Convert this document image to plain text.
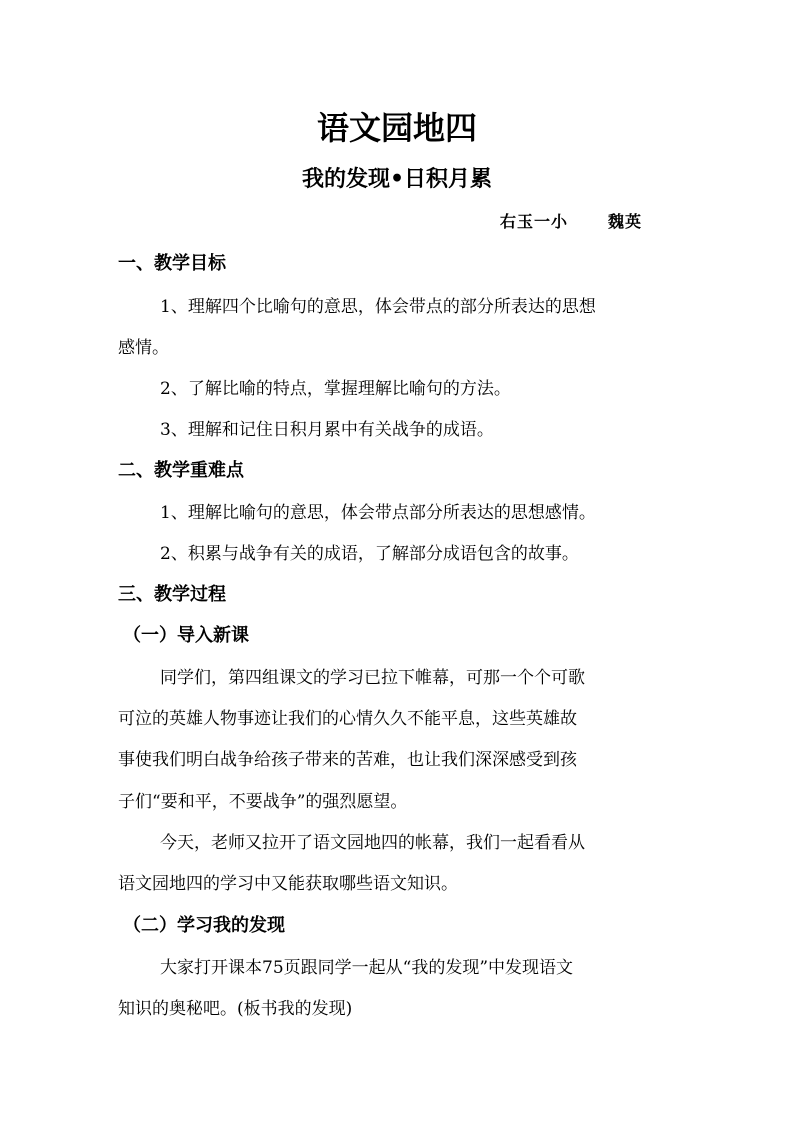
语文园地四
我的发现•日积月累
右玉一小	魏英
一、教学目标
1、理解四个比喻句的意思，体会带点的部分所表达的思想
感情。
2、了解比喻的特点，掌握理解比喻句的方法。
3、理解和记住日积月累中有关战争的成语。
二、教学重难点
1、理解比喻句的意思，体会带点部分所表达的思想感情。
2、积累与战争有关的成语，了解部分成语包含的故事。
三、教学过程
（一）导入新课
同学们，第四组课文的学习已拉下帷幕，可那一个个可歌
可泣的英雄人物事迹让我们的心情久久不能平息，这些英雄故
事使我们明白战争给孩子带来的苦难，也让我们深深感受到孩
子们“要和平，不要战争”的强烈愿望。
今天，老师又拉开了语文园地四的帐幕，我们一起看看从
语文园地四的学习中又能获取哪些语文知识。
（二）学习我的发现
大家打开课本75页跟同学一起从“我的发现”中发现语文
知识的奥秘吧。(板书我的发现)
